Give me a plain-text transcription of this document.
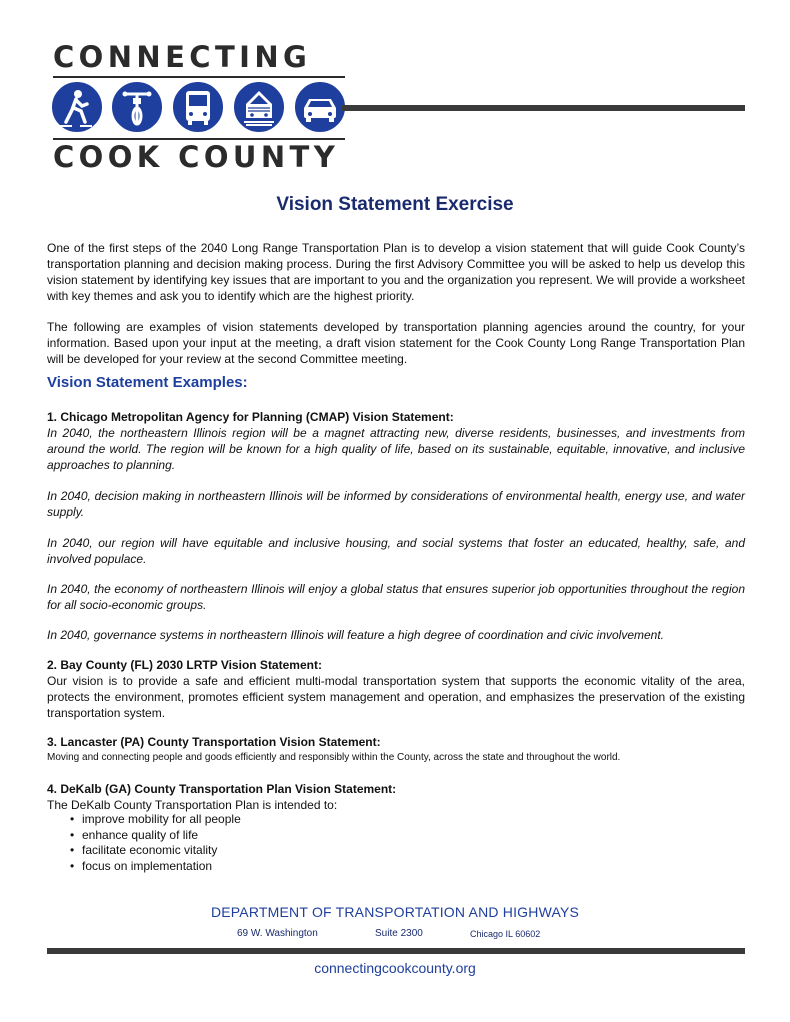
CONNECTING
COOK COUNTY
Vision Statement Exercise

One of the first steps of the 2040 Long Range Transportation Plan is to develop a vision statement that will guide Cook County’s transportation planning and decision making process. During the first Advisory Committee you will be asked to help us develop this vision statement by identifying key issues that are important to you and the organization you represent. We will provide a worksheet with key themes and ask you to identify which are the highest priority.

The following are examples of vision statements developed by transportation planning agencies around the country, for your information. Based upon your input at the meeting, a draft vision statement for the Cook County Long Range Transportation Plan will be developed for your review at the second Committee meeting.

Vision Statement Examples:
1. Chicago Metropolitan Agency for Planning (CMAP) Vision Statement:

In 2040, the northeastern Illinois region will be a magnet attracting new, diverse residents, businesses, and investments from around the world. The region will be known for a high quality of life, based on its sustainable, equitable, innovative, and inclusive approaches to planning.

In 2040, decision making in northeastern Illinois will be informed by considerations of environmental health, energy use, and water supply.

In 2040, our region will have equitable and inclusive housing, and social systems that foster an educated, healthy, safe, and involved populace.

In 2040, the economy of northeastern Illinois will enjoy a global status that ensures superior job opportunities throughout the region for all socio-economic groups.

In 2040, governance systems in northeastern Illinois will feature a high degree of coordination and civic involvement.

2. Bay County (FL) 2030 LRTP Vision Statement:

Our vision is to provide a safe and efficient multi-modal transportation system that supports the economic vitality of the area, protects the environment, promotes efficient system management and operation, and emphasizes the preservation of the existing transportation system.

3. Lancaster (PA) County Transportation Vision Statement:

Moving and connecting people and goods efficiently and responsibly within the County, across the state and throughout the world.

4. DeKalb (GA) County Transportation Plan Vision Statement:

The DeKalb County Transportation Plan is intended to:

• improve mobility for all people
• enhance quality of life
• facilitate economic vitality
• focus on implementation
DEPARTMENT OF TRANSPORTATION AND HIGHWAYS
69 W. Washington	Suite 2300	Chicago IL 60602
connectingcookcounty.org
